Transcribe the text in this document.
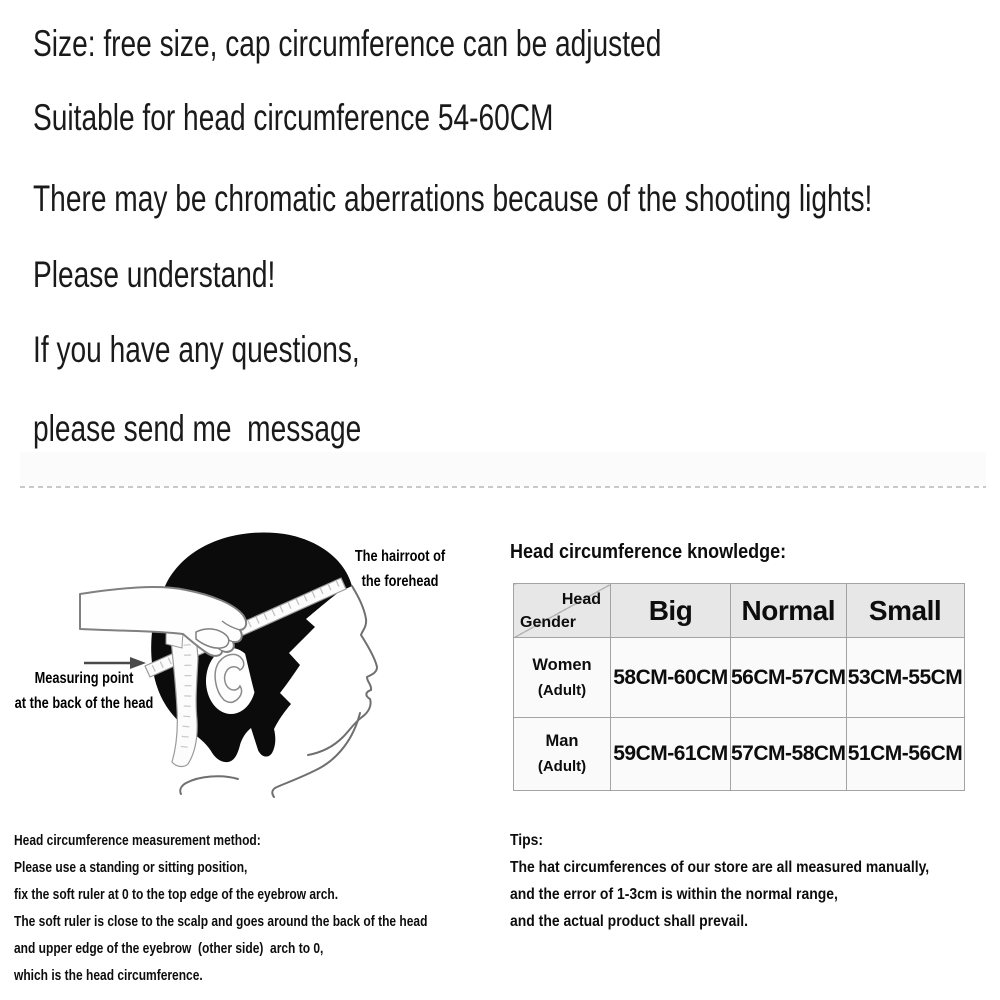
Size: free size, cap circumference can be adjusted
Suitable for head circumference 54-60CM
There may be chromatic aberrations because of the shooting lights!
Please understand!
If you have any questions,
please send me  message
The hairroot of
the forehead
Measuring point
at the back of the head
Head circumference knowledge:
Head
Gender	Big	Normal	Small

Women
(Adult)	58CM-60CM	56CM-57CM	53CM-55CM

Man
(Adult)	59CM-61CM	57CM-58CM	51CM-56CM
Head circumference measurement method:
Please use a standing or sitting position,
fix the soft ruler at 0 to the top edge of the eyebrow arch.
The soft ruler is close to the scalp and goes around the back of the head
and upper edge of the eyebrow  (other side)  arch to 0,
which is the head circumference.
Tips:
The hat circumferences of our store are all measured manually,
and the error of 1-3cm is within the normal range,
and the actual product shall prevail.
